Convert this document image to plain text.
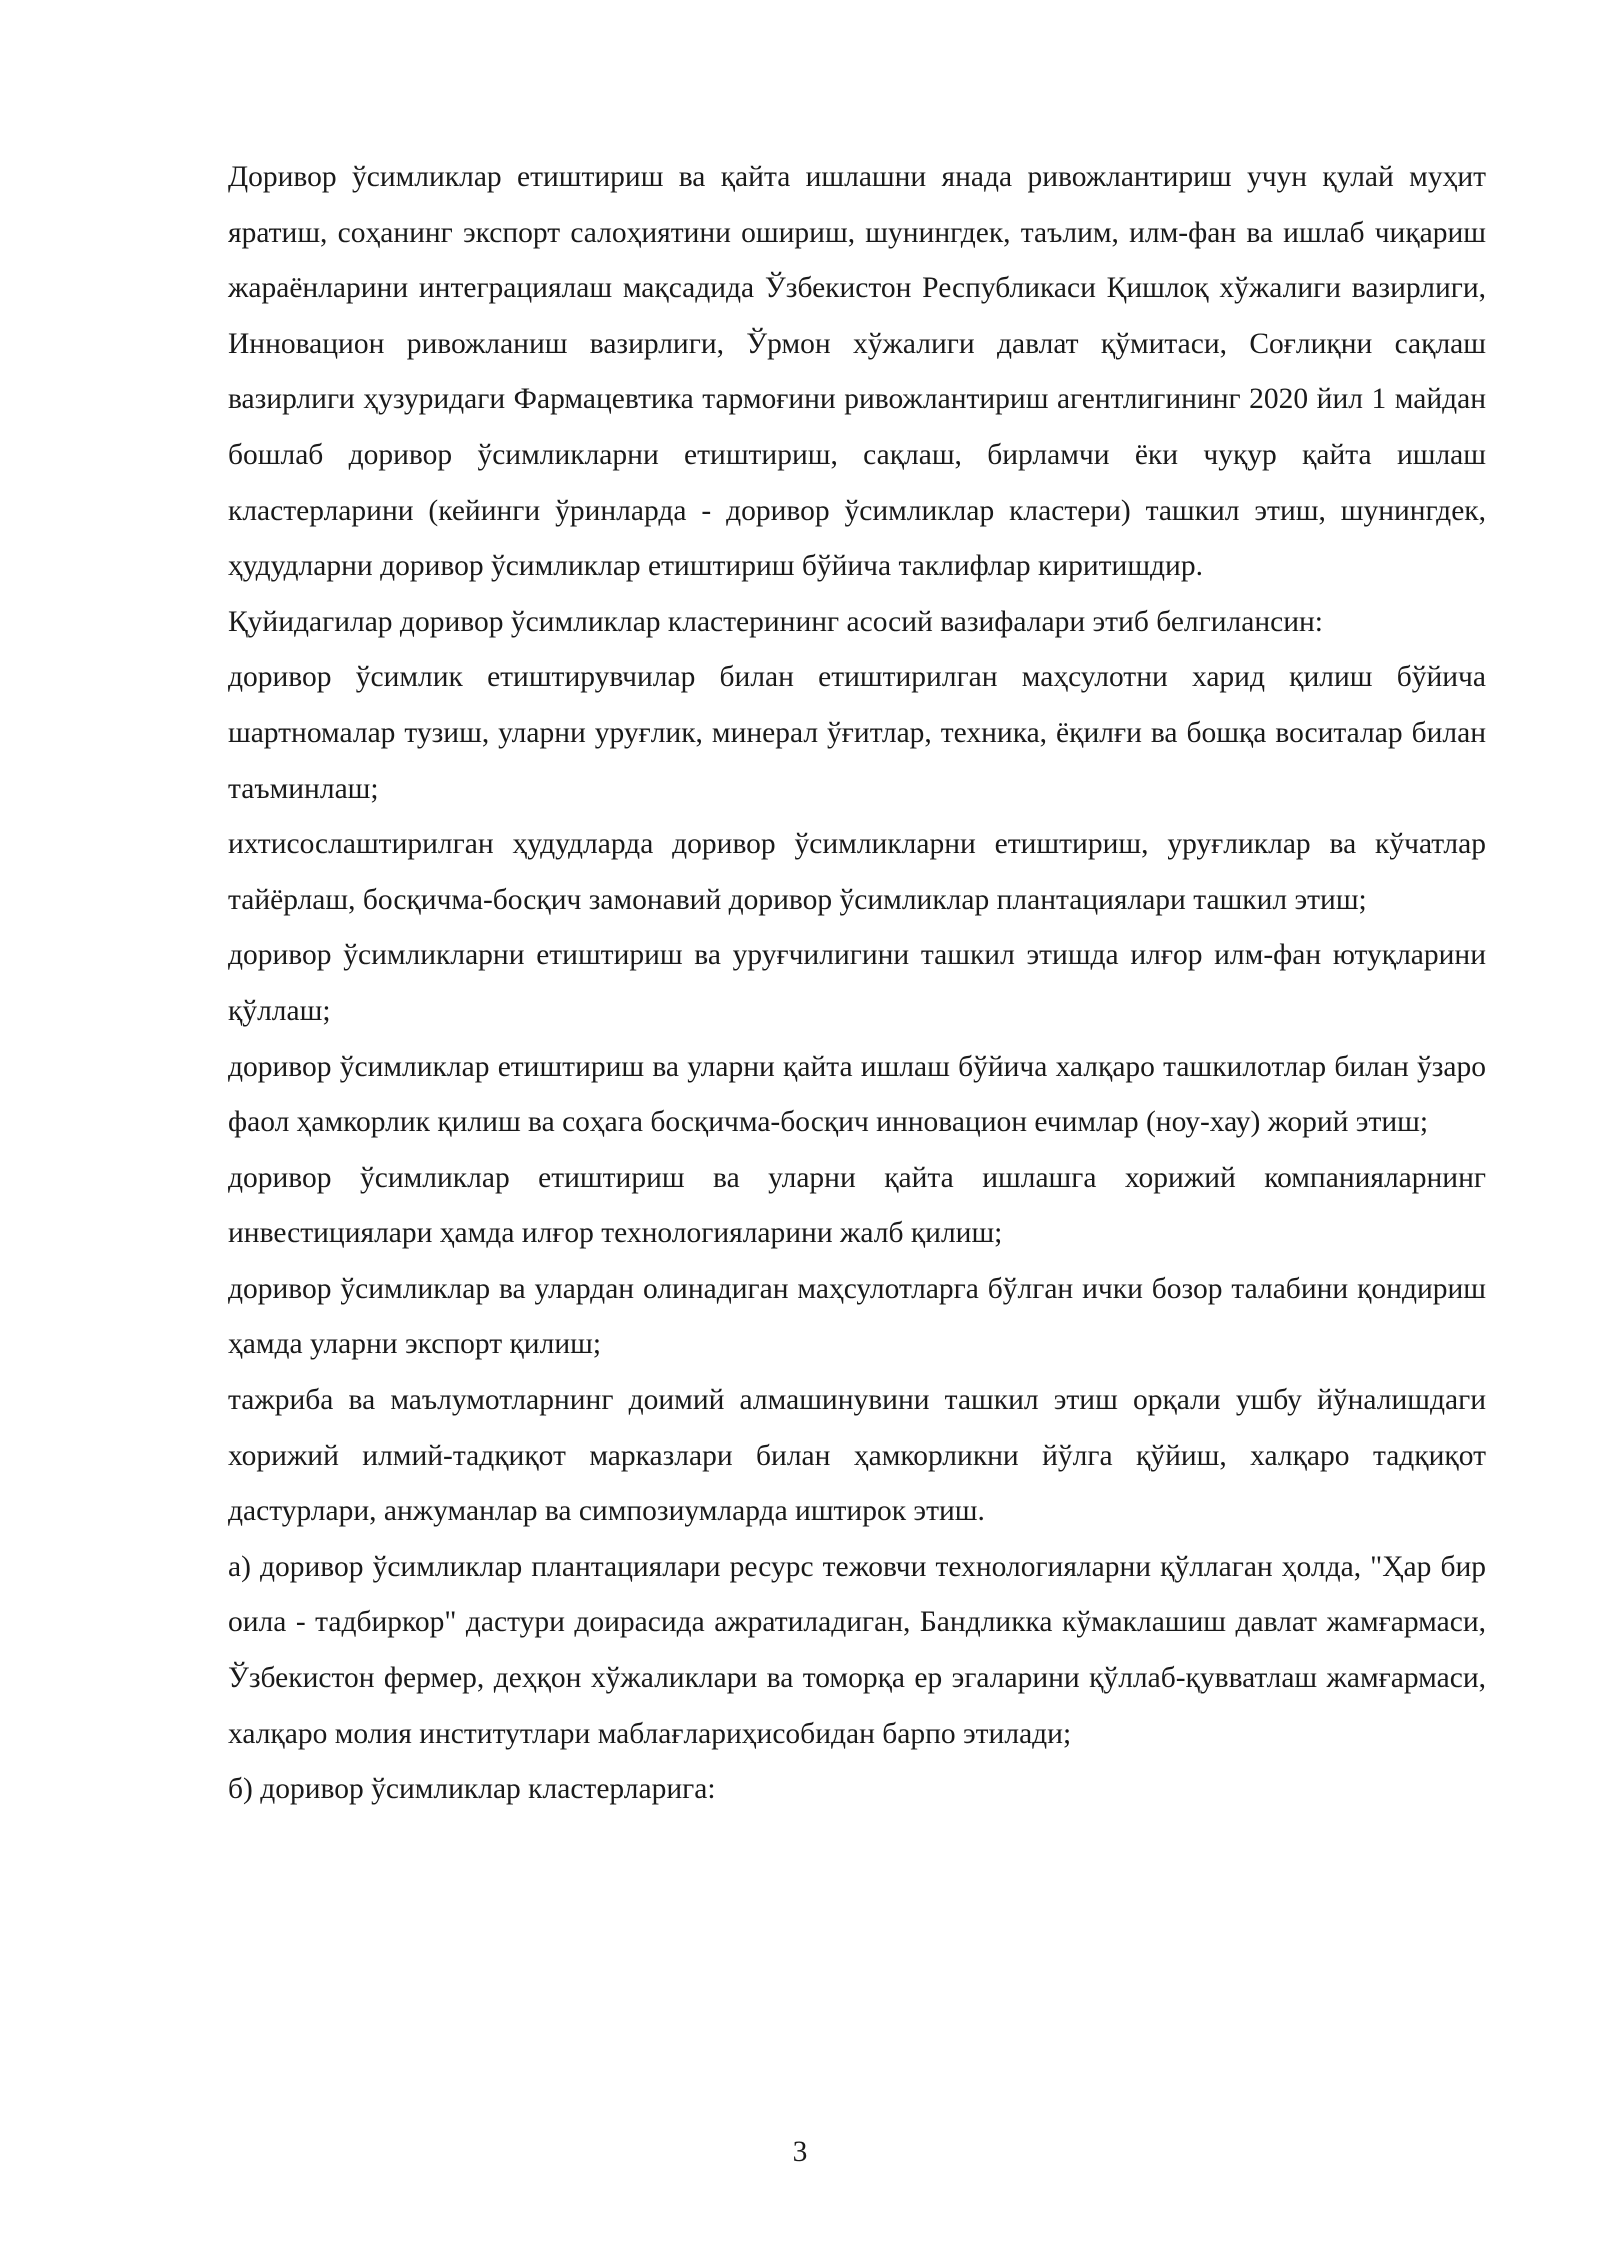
Доривор ўсимликлар етиштириш ва қайта ишлашни янада ривожлантириш учун қулай муҳит яратиш, соҳанинг экспорт салоҳиятини ошириш, шунингдек, таълим, илм-фан ва ишлаб чиқариш жараёнларини интеграциялаш мақсадида Ўзбекистон Республикаси Қишлоқ хўжалиги вазирлиги, Инновацион ривожланиш вазирлиги, Ўрмон хўжалиги давлат қўмитаси, Соғлиқни сақлаш вазирлиги ҳузуридаги Фармацевтика тармоғини ривожлантириш агентлигининг 2020 йил 1 майдан бошлаб доривор ўсимликларни етиштириш, сақлаш, бирламчи ёки чуқур қайта ишлаш кластерларини (кейинги ўринларда - доривор ўсимликлар кластери) ташкил этиш, шунингдек, ҳудудларни доривор ўсимликлар етиштириш бўйича таклифлар киритишдир.

Қуйидагилар доривор ўсимликлар кластерининг асосий вазифалари этиб белгилансин:

доривор ўсимлик етиштирувчилар билан етиштирилган маҳсулотни харид қилиш бўйича шартномалар тузиш, уларни уруғлик, минерал ўғитлар, техника, ёқилғи ва бошқа воситалар билан таъминлаш;

ихтисослаштирилган ҳудудларда доривор ўсимликларни етиштириш, уруғликлар ва кўчатлар тайёрлаш, босқичма-босқич замонавий доривор ўсимликлар плантациялари ташкил этиш;

доривор ўсимликларни етиштириш ва уруғчилигини ташкил этишда илғор илм-фан ютуқларини қўллаш;

доривор ўсимликлар етиштириш ва уларни қайта ишлаш бўйича халқаро ташкилотлар билан ўзаро фаол ҳамкорлик қилиш ва соҳага босқичма-босқич инновацион ечимлар (ноу-хау) жорий этиш;

доривор ўсимликлар етиштириш ва уларни қайта ишлашга хорижий компанияларнинг инвестициялари ҳамда илғор технологияларини жалб қилиш;

доривор ўсимликлар ва улардан олинадиган маҳсулотларга бўлган ички бозор талабини қондириш ҳамда уларни экспорт қилиш;

тажриба ва маълумотларнинг доимий алмашинувини ташкил этиш орқали ушбу йўналишдаги хорижий илмий-тадқиқот марказлари билан ҳамкорликни йўлга қўйиш, халқаро тадқиқот дастурлари, анжуманлар ва симпозиумларда иштирок этиш.

а) доривор ўсимликлар плантациялари ресурс тежовчи технологияларни қўллаган ҳолда, "Ҳар бир оила - тадбиркор" дастури доирасида ажратиладиган, Бандликка кўмаклашиш давлат жамғармаси, Ўзбекистон фермер, деҳқон хўжаликлари ва томорқа ер эгаларини қўллаб-қувватлаш жамғармаси, халқаро молия институтлари маблағлариҳисобидан барпо этилади;

б) доривор ўсимликлар кластерларига:

3
